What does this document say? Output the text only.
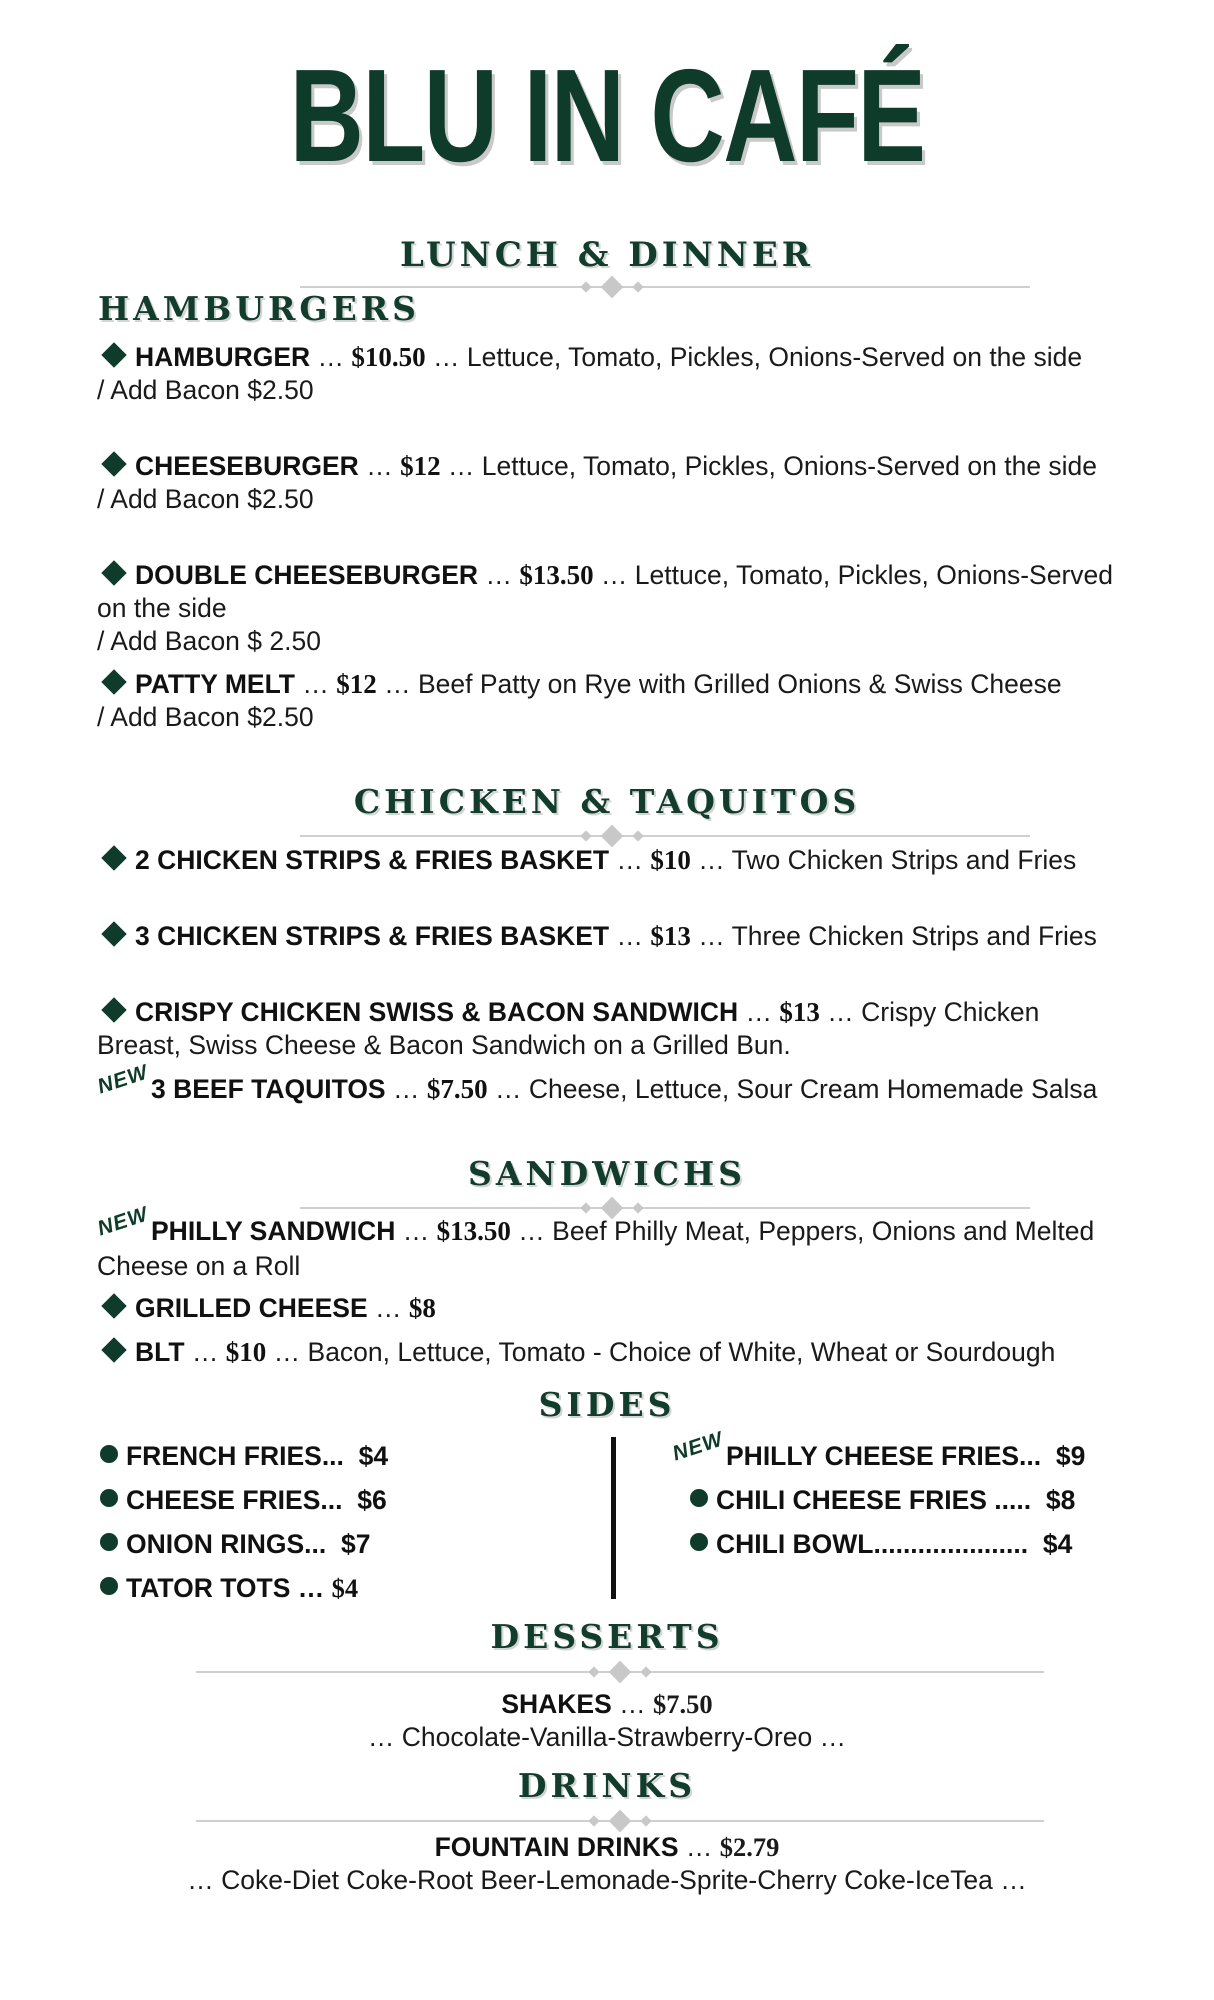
BLU IN CAFÉ
LUNCH & DINNER
HAMBURGERS
HAMBURGER … $10.50 … Lettuce, Tomato, Pickles, Onions-Served on the side
/ Add Bacon $2.50
CHEESEBURGER … $12 … Lettuce, Tomato, Pickles, Onions-Served on the side
/ Add Bacon $2.50
DOUBLE CHEESEBURGER … $13.50 … Lettuce, Tomato, Pickles, Onions-Served on the side
/ Add Bacon $ 2.50
PATTY MELT … $12 … Beef Patty on Rye with Grilled Onions & Swiss Cheese
/ Add Bacon $2.50
CHICKEN & TAQUITOS
2 CHICKEN STRIPS & FRIES BASKET … $10 … Two Chicken Strips and Fries
3 CHICKEN STRIPS & FRIES BASKET … $13 … Three Chicken Strips and Fries
CRISPY CHICKEN SWISS & BACON SANDWICH … $13 … Crispy Chicken Breast, Swiss Cheese & Bacon Sandwich on a Grilled Bun.
NEW3 BEEF TAQUITOS … $7.50 … Cheese, Lettuce, Sour Cream Homemade Salsa
SANDWICHS
NEWPHILLY SANDWICH … $13.50 … Beef Philly Meat, Peppers, Onions and Melted Cheese on a Roll
GRILLED CHEESE … $8
BLT … $10 … Bacon, Lettuce, Tomato - Choice of White, Wheat or Sourdough
SIDES
FRENCH FRIES... $4
CHEESE FRIES... $6
ONION RINGS... $7
TATOR TOTS … $4
NEWPHILLY CHEESE FRIES... $9
CHILI CHEESE FRIES ..... $8
CHILI BOWL..................... $4
DESSERTS
SHAKES … $7.50
… Chocolate-Vanilla-Strawberry-Oreo …
DRINKS
FOUNTAIN DRINKS … $2.79
… Coke-Diet Coke-Root Beer-Lemonade-Sprite-Cherry Coke-IceTea …
